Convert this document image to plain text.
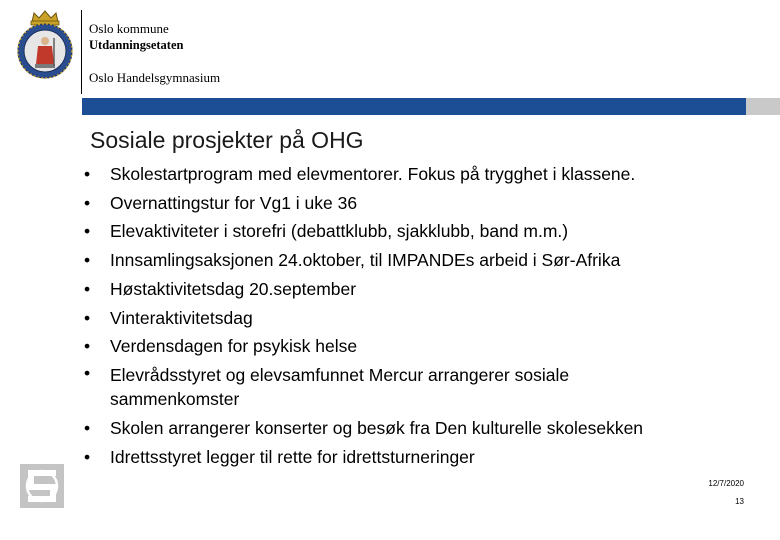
Oslo kommune
Utdanningsetaten
Oslo Handelsgymnasium
Sosiale prosjekter på OHG
• Skolestartprogram med elevmentorer. Fokus på trygghet i klassene.
• Overnattingstur for Vg1 i uke 36
• Elevaktiviteter i storefri (debattklubb, sjakklubb, band m.m.)
• Innsamlingsaksjonen 24.oktober, til IMPANDEs arbeid i Sør-Afrika
• Høstaktivitetsdag 20.september
• Vinteraktivitetsdag
• Verdensdagen for psykisk helse
• Elevrådsstyret og elevsamfunnet Mercur arrangerer sosiale sammenkomster
• Skolen arrangerer konserter og besøk fra Den kulturelle skolesekken
• Idrettsstyret legger til rette for idrettsturneringer
12/7/2020
13
